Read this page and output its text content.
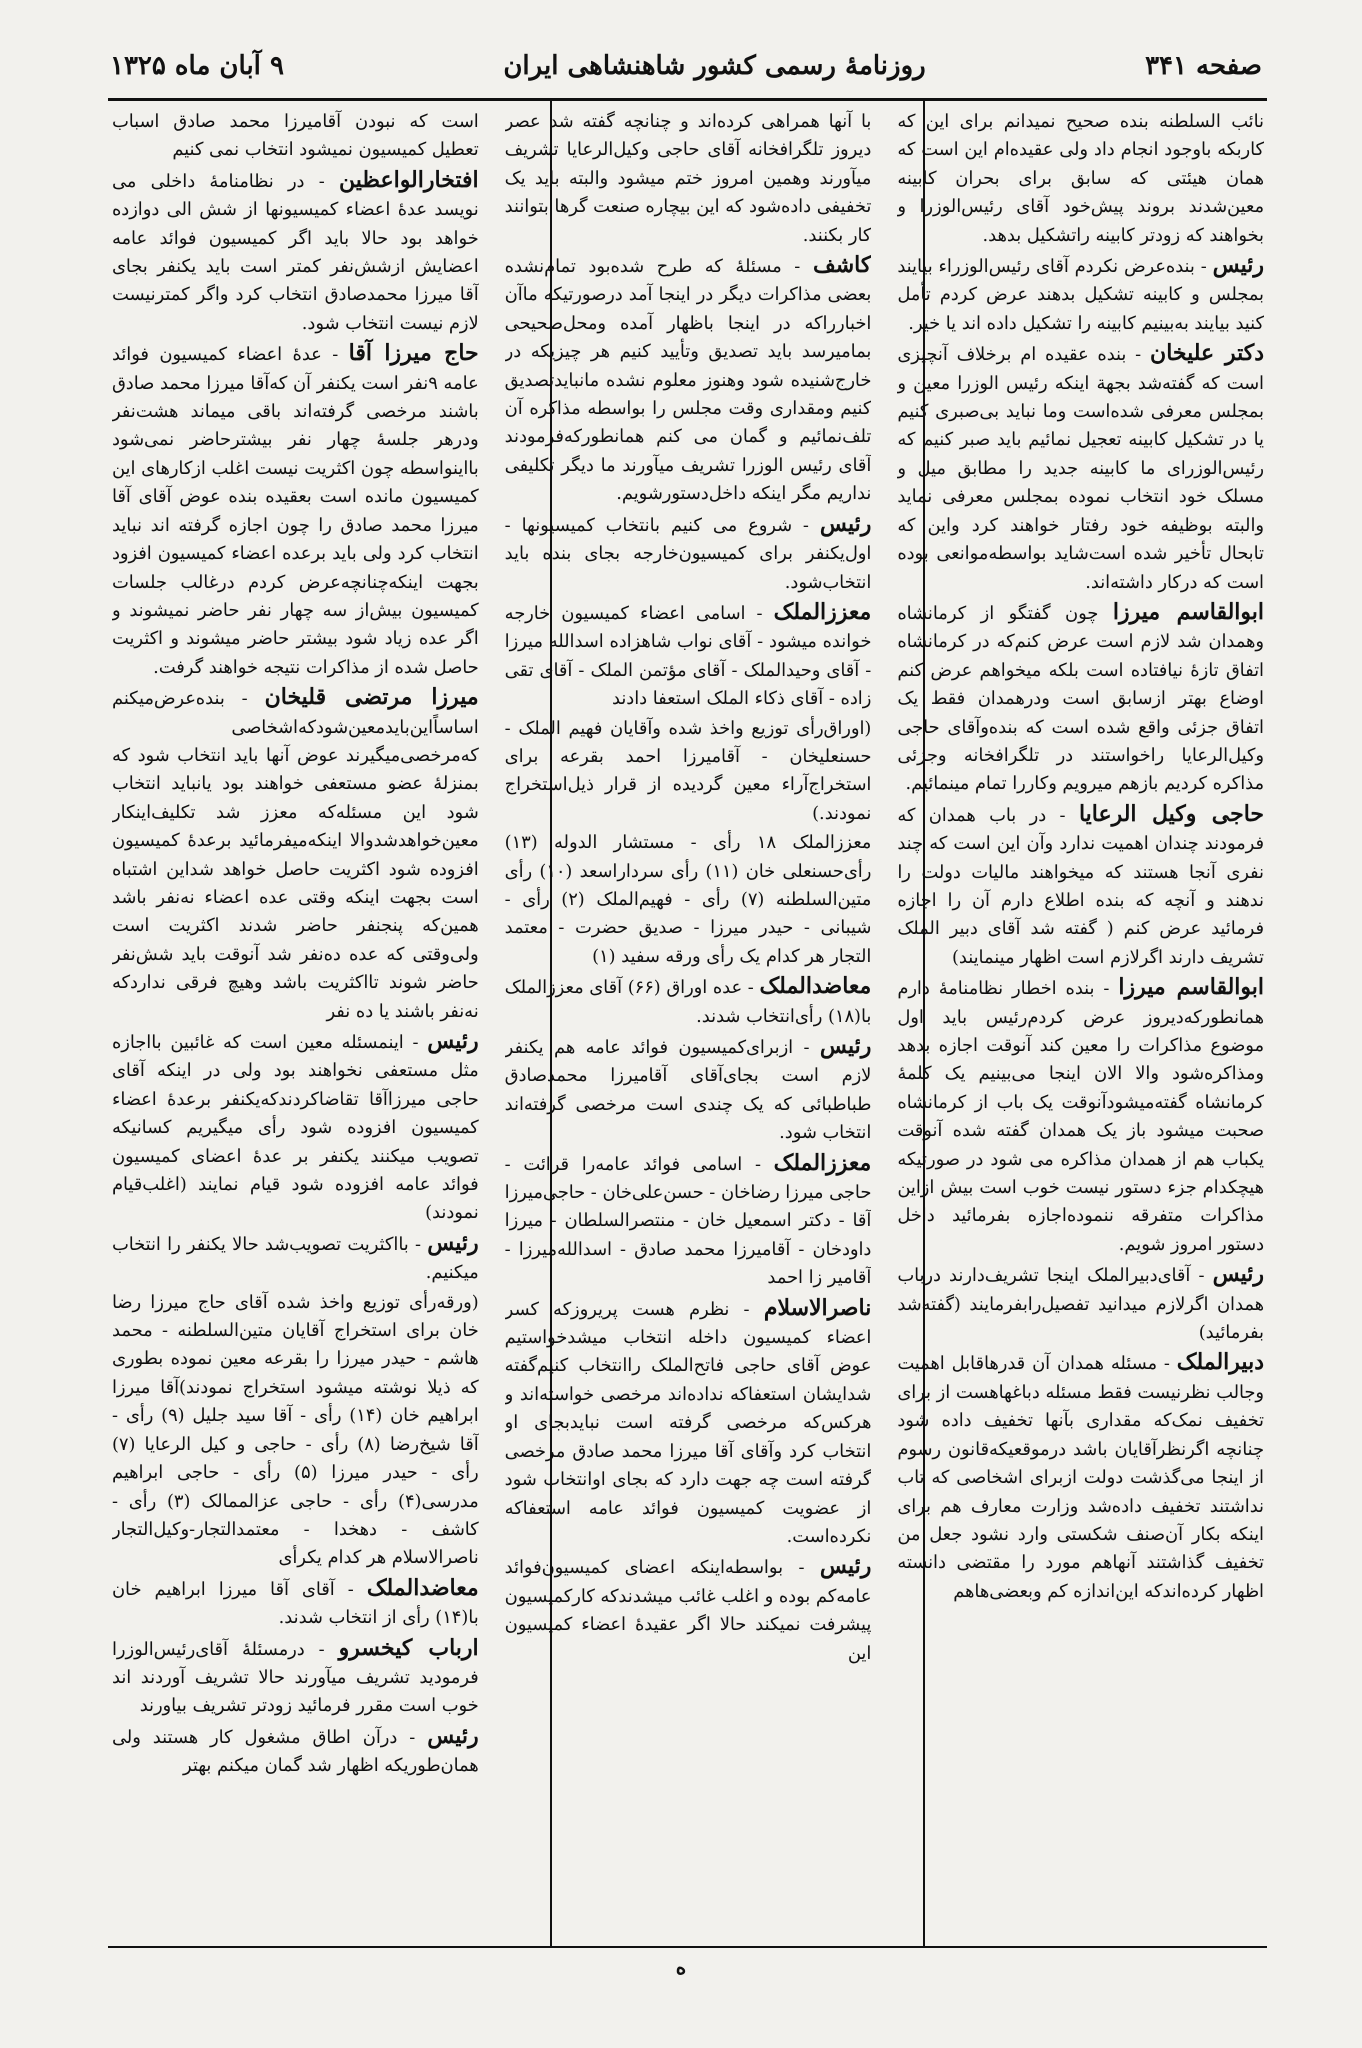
صفحه ۳۴۱
روزنامهٔ رسمی کشور شاهنشاهی ایران
۹ آبان ماه ۱۳۲۵

نائب السلطنه بنده صحیح نمیدانم برای این که کاربکه باوجود انجام داد ولی عقیده‌ام این است که همان هیئتی که سابق برای بحران کابینه معین‌شدند بروند پیش‌خود آقای رئیس‌الوزرا و بخواهند که زودتر کابینه راتشکیل بدهد.

رئیس - بنده‌عرض نکردم آقای رئیس‌الوزراء بیایند بمجلس و کابینه تشکیل بدهند عرض کردم تأمل کنید بیایند به‌بینیم کابینه را تشکیل داده اند یا خیر.

دکتر علیخان - بنده عقیده ام برخلاف آنچیزی است که گفته‌شد بجهة اینکه رئیس الوزرا معین و بمجلس معرفی شده‌است وما نباید بی‌صبری کنیم یا در تشکیل کابینه تعجیل نمائیم باید صبر کنیم که رئیس‌الوزرای ما کابینه جدید را مطابق میل و مسلک خود انتخاب نموده بمجلس معرفی نماید والبته بوظیفه خود رفتار خواهند کرد واین که تابحال تأخیر شده است‌شاید بواسطه‌موانعی بوده است که درکار داشته‌اند.

ابوالقاسم میرزا چون گفتگو از کرمانشاه وهمدان شد لازم است عرض کنم‌که در کرمانشاه اتفاق تازهٔ نیافتاده است بلکه میخواهم عرض کنم اوضاع بهتر ازسابق است ودرهمدان فقط یک اتفاق جزئی واقع شده است که بنده‌وآقای حاجی وکیل‌الرعایا راخواستند در تلگرافخانه وجزئی مذاکره کردیم بازهم میرویم وکاررا تمام مینمائیم.

حاجی وکیل الرعایا - در باب همدان که فرمودند چندان اهمیت ندارد وآن این است که چند نفری آنجا هستند که میخواهند مالیات دولت را ندهند و آنچه که بنده اطلاع دارم آن را اجازه فرمائید عرض کنم ( گفته شد آقای دبیر الملک تشریف دارند اگرلازم است اظهار مینمایند)

ابوالقاسم میرزا - بنده اخطار نظامنامهٔ دارم همانطورکه‌دیروز عرض کردم‌رئیس باید اول موضوع مذاکرات را معین کند آنوقت اجازه بدهد ومذاکره‌شود والا الان اینجا می‌بینیم یک کلمهٔ کرمانشاه گفته‌میشودآنوقت یک باب از کرمانشاه صحبت میشود باز یک همدان گفته شده آنوقت یکباب هم از همدان مذاکره می شود در صورتیکه هیچکدام جزء دستور نیست خوب است بیش ازاین مذاکرات متفرقه ننموده‌اجازه بفرمائید داخل دستور امروز شویم.

رئیس - آقای‌دبیرالملک اینجا تشریف‌دارند درباب همدان اگرلازم میدانید تفصیل‌رابفرمایند (گفته‌شد بفرمائید)

دبیرالملک - مسئله همدان آن قدرهاقابل اهمیت وجالب نظرنیست فقط مسئله دباغهاهست از برای تخفیف نمک‌که مقداری بآنها تخفیف داده شود چنانچه اگرنظرآقایان باشد درموقعیکه‌قانون رسوم از اینجا می‌گذشت دولت ازبرای اشخاصی که تاب نداشتند تخفیف داده‌شد وزارت معارف هم برای اینکه بکار آن‌صنف شکستی وارد نشود جعل من تخفیف گذاشتند آنهاهم مورد را مقتضی دانسته اظهار کرده‌اندکه این‌اندازه کم وبعضی‌هاهم

با آنها همراهی کرده‌اند و چنانچه گفته شد عصر دیروز تلگرافخانه آقای حاجی وکیل‌الرعایا تشریف میآورند وهمین امروز ختم میشود والبته باید یک تخفیفی داده‌شود که این بیچاره صنعت گرها بتوانند کار بکنند.

کاشف - مسئلهٔ که طرح شده‌بود تمام‌نشده بعضی مذاکرات دیگر در اینجا آمد درصورتیکه ماآن اخبارراکه در اینجا باظهار آمده ومحل‌صحیحی بمامیرسد باید تصدیق وتأیید کنیم هر چیزیکه در خارج‌شنیده شود وهنوز معلوم نشده مانباید‌تصدیق کنیم ومقداری وقت مجلس را بواسطه مذاکره آن تلف‌نمائیم و گمان می کنم همانطورکه‌فرمودند آقای رئیس الوزرا تشریف میآورند ما دیگر تکلیفی نداریم مگر اینکه داخل‌دستورشویم.

رئیس - شروع می کنیم بانتخاب کمیسیونها - اول‌یکنفر برای کمیسیون‌خارجه بجای بنده باید انتخاب‌شود.

معززالملک - اسامی اعضاء کمیسیون خارجه خوانده میشود - آقای نواب شاهزاده اسدالله میرزا - آقای وحیدالملک - آقای مؤتمن الملک - آقای تقی زاده - آقای ذکاء الملک استعفا دادند

(اوراق‌رأی توزیع واخذ شده وآقایان فهیم الملک - حسنعلیخان - آقامیرزا احمد بقرعه برای استخراج‌آراء معین گردیده از قرار ذیل‌استخراج نمودند.)

معززالملک ۱۸ رأی - مستشار الدوله (۱۳) رأی‌حسنعلی خان (۱۱) رأی سردار‌اسعد (۱۰) رأی متین‌السلطنه (۷) رأی - فهیم‌الملک (۲) رأی - شیبانی - حیدر میرزا - صدیق حضرت - معتمد التجار هر کدام یک رأی ورقه سفید (۱)

معاضدالملک - عده اوراق (۶۶) آقای معززالملک با(۱۸) رأی‌انتخاب شدند.

رئیس - ازبرای‌کمیسیون فوائد عامه هم یکنفر لازم است بجای‌آقای آقامیرزا محمدصادق طباطبائی که یک چندی است مرخصی گرفته‌اند انتخاب شود.

معززالملک - اسامی فوائد عامه‌را قرائت - حاجی میرزا رضاخان - حسن‌علی‌خان - حاجی‌میرزا آقا - دکتر اسمعیل خان - منتصرالسلطان - میرزا داودخان - آقامیرزا محمد صادق - اسدالله‌میرزا - آقامیر زا احمد

ناصرالاسلام - نظرم هست پریروزکه کسر اعضاء کمیسیون داخله انتخاب میشدخواستیم عوض آقای حاجی فاتح‌الملک راانتخاب کنیم‌گفته شدایشان استعفاکه نداده‌اند مرخصی خواسته‌اند و هرکس‌که مرخصی گرفته است نبایدبجای او انتخاب کرد وآقای آقا میرزا محمد صادق مرخصی گرفته است چه جهت دارد که بجای اوانتخاب شود از عضویت کمیسیون فوائد عامه استعفاکه نکرده‌است.

رئیس - بواسطه‌اینکه اعضای کمیسیون‌فوائد عامه‌کم بوده و اغلب غائب میشدندکه کارکمیسیون پیشرفت نمیکند حالا اگر عقیدهٔ اعضاء کمیسیون این

است که نبودن آقامیرزا محمد صادق اسباب تعطیل کمیسیون نمیشود انتخاب نمی کنیم

افتخارالواعظین - در نظامنامهٔ داخلی می نویسد عدهٔ اعضاء کمیسیونها از شش الی دوازده خواهد بود حالا باید اگر کمیسیون فوائد عامه اعضایش ازشش‌نفر کمتر است باید یکنفر بجای آقا میرزا محمدصادق انتخاب کرد واگر کمترنیست لازم نیست انتخاب شود.

حاج میرزا آقا - عدهٔ اعضاء کمیسیون فوائد عامه ۹نفر است یکنفر آن که‌آقا میرزا محمد صادق باشند مرخصی گرفته‌اند باقی میماند هشت‌نفر ودرهر جلسهٔ چهار نفر بیشترحاضر نمی‌شود بااینواسطه چون اکثریت نیست اغلب ازکارهای این کمیسیون مانده است بعقیده بنده عوض آقای آقا میرزا محمد صادق را چون اجازه گرفته اند نباید انتخاب کرد ولی باید برعده اعضاء کمیسیون افزود بجهت اینکه‌چنانچه‌عرض کردم درغالب جلسات کمیسیون بیش‌از سه چهار نفر حاضر نمیشوند و اگر عده زیاد شود بیشتر حاضر میشوند و اکثریت حاصل شده از مذاکرات نتیجه خواهند گرفت.

میرزا مرتضی قلیخان - بنده‌عرض‌میکنم اساساًاین‌بایدمعین‌شودکه‌اشخاصی که‌مرخصی‌میگیرند عوض آنها باید انتخاب شود که بمنزلهٔ عضو مستعفی خواهند بود یانباید انتخاب شود این مسئله‌که معزز شد تکلیف‌اینکار معین‌خواهدشدوالا اینکه‌میفرمائید برعدهٔ کمیسیون افزوده شود اکثریت حاصل خواهد شداین اشتباه است بجهت اینکه وقتی عده اعضاء نه‌نفر باشد همین‌که پنجنفر حاضر شدند اکثریت است ولی‌وقتی که عده ده‌نفر شد آنوقت باید شش‌نفر حاضر شوند تااکثریت باشد وهیچ فرقی نداردکه نه‌نفر باشند یا ده نفر

رئیس - اینمسئله معین است که غائبین بااجازه مثل مستعفی نخواهند بود ولی در اینکه آقای حاجی میرزاآقا تقاضاکردندکه‌یکنفر برعدهٔ اعضاء کمیسیون افزوده شود رأی میگیریم کسانیکه تصویب میکنند یکنفر بر عدهٔ اعضای کمیسیون فوائد عامه افزوده شود قیام نمایند (اغلب‌قیام نمودند)

رئیس - بااکثریت تصویب‌شد حالا یکنفر را انتخاب میکنیم.

(ورقه‌رأی توزیع واخذ شده آقای حاج میرزا رضا خان برای استخراج آقایان متین‌السلطنه - محمد هاشم - حیدر میرزا را بقرعه معین نموده بطوری که ذیلا نوشته میشود استخراج نمودند)آقا میرزا ابراهیم خان (۱۴) رأی - آقا سید جلیل (۹) رأی - آقا شیخ‌رضا (۸) رأی - حاجی و کیل الرعایا (۷) رأی - حیدر میرزا (۵) رأی - حاجی ابراهیم مدرسی(۴) رأی - حاجی عزالممالک (۳) رأی - کاشف - دهخدا - معتمدالتجار-وکیل‌التجار ناصرالاسلام هر کدام یکرأی

معاضدالملک - آقای آقا میرزا ابراهیم خان با(۱۴) رأی از انتخاب شدند.

ارباب کیخسرو - درمسئلهٔ آقای‌رئیس‌الوزرا فرمودید تشریف میآورند حالا تشریف آوردند اند خوب است مقرر فرمائید زودتر تشریف بیاورند

رئیس - درآن اطاق مشغول کار هستند ولی همان‌طوریکه اظهار شد گمان میکنم بهتر

ه
